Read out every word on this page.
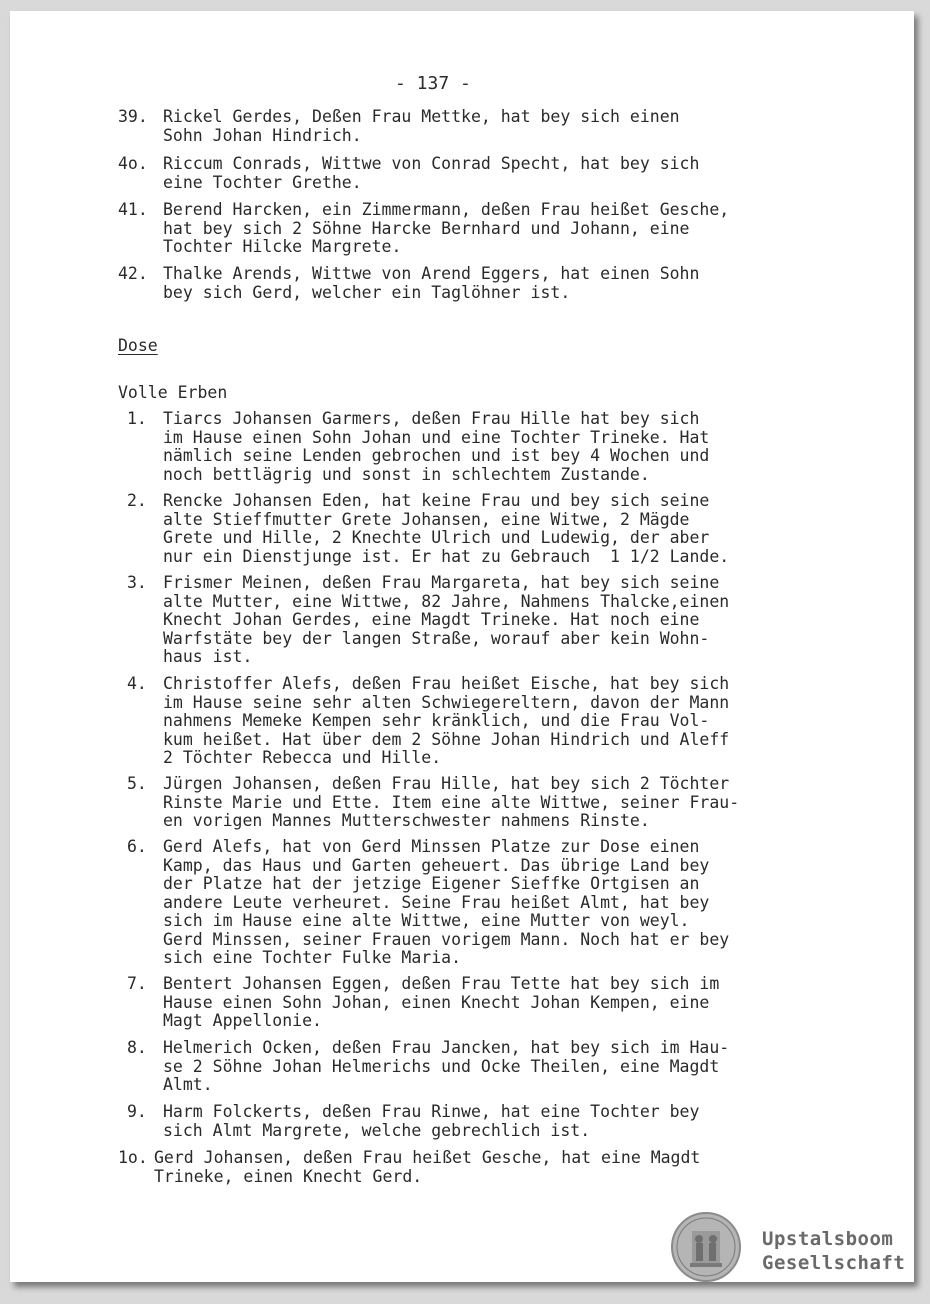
- 137 -
39. Rickel Gerdes, Deßen Frau Mettke, hat bey sich einen
Sohn Johan Hindrich.
4o. Riccum Conrads, Wittwe von Conrad Specht, hat bey sich
eine Tochter Grethe.
41. Berend Harcken, ein Zimmermann, deßen Frau heißet Gesche,
hat bey sich 2 Söhne Harcke Bernhard und Johann, eine
Tochter Hilcke Margrete.
42. Thalke Arends, Wittwe von Arend Eggers, hat einen Sohn
bey sich Gerd, welcher ein Taglöhner ist.
Dose
Volle Erben
1. Tiarcs Johansen Garmers, deßen Frau Hille hat bey sich
im Hause einen Sohn Johan und eine Tochter Trineke. Hat
nämlich seine Lenden gebrochen und ist bey 4 Wochen und
noch bettlägrig und sonst in schlechtem Zustande.
2. Rencke Johansen Eden, hat keine Frau und bey sich seine
alte Stieffmutter Grete Johansen, eine Witwe, 2 Mägde
Grete und Hille, 2 Knechte Ulrich und Ludewig, der aber
nur ein Dienstjunge ist. Er hat zu Gebrauch  1 1/2 Lande.
3. Frismer Meinen, deßen Frau Margareta, hat bey sich seine
alte Mutter, eine Wittwe, 82 Jahre, Nahmens Thalcke,einen
Knecht Johan Gerdes, eine Magdt Trineke. Hat noch eine
Warfstäte bey der langen Straße, worauf aber kein Wohn-
haus ist.
4. Christoffer Alefs, deßen Frau heißet Eische, hat bey sich
im Hause seine sehr alten Schwiegereltern, davon der Mann
nahmens Memeke Kempen sehr kränklich, und die Frau Vol-
kum heißet. Hat über dem 2 Söhne Johan Hindrich und Aleff
2 Töchter Rebecca und Hille.
5. Jürgen Johansen, deßen Frau Hille, hat bey sich 2 Töchter
Rinste Marie und Ette. Item eine alte Wittwe, seiner Frau-
en vorigen Mannes Mutterschwester nahmens Rinste.
6. Gerd Alefs, hat von Gerd Minssen Platze zur Dose einen
Kamp, das Haus und Garten geheuert. Das übrige Land bey
der Platze hat der jetzige Eigener Sieffke Ortgisen an
andere Leute verheuret. Seine Frau heißet Almt, hat bey
sich im Hause eine alte Wittwe, eine Mutter von weyl.
Gerd Minssen, seiner Frauen vorigem Mann. Noch hat er bey
sich eine Tochter Fulke Maria.
7. Bentert Johansen Eggen, deßen Frau Tette hat bey sich im
Hause einen Sohn Johan, einen Knecht Johan Kempen, eine
Magt Appellonie.
8. Helmerich Ocken, deßen Frau Jancken, hat bey sich im Hau-
se 2 Söhne Johan Helmerichs und Ocke Theilen, eine Magdt
Almt.
9. Harm Folckerts, deßen Frau Rinwe, hat eine Tochter bey
sich Almt Margrete, welche gebrechlich ist.
1o. Gerd Johansen, deßen Frau heißet Gesche, hat eine Magdt
Trineke, einen Knecht Gerd.
Upstalsboom
Gesellschaft
